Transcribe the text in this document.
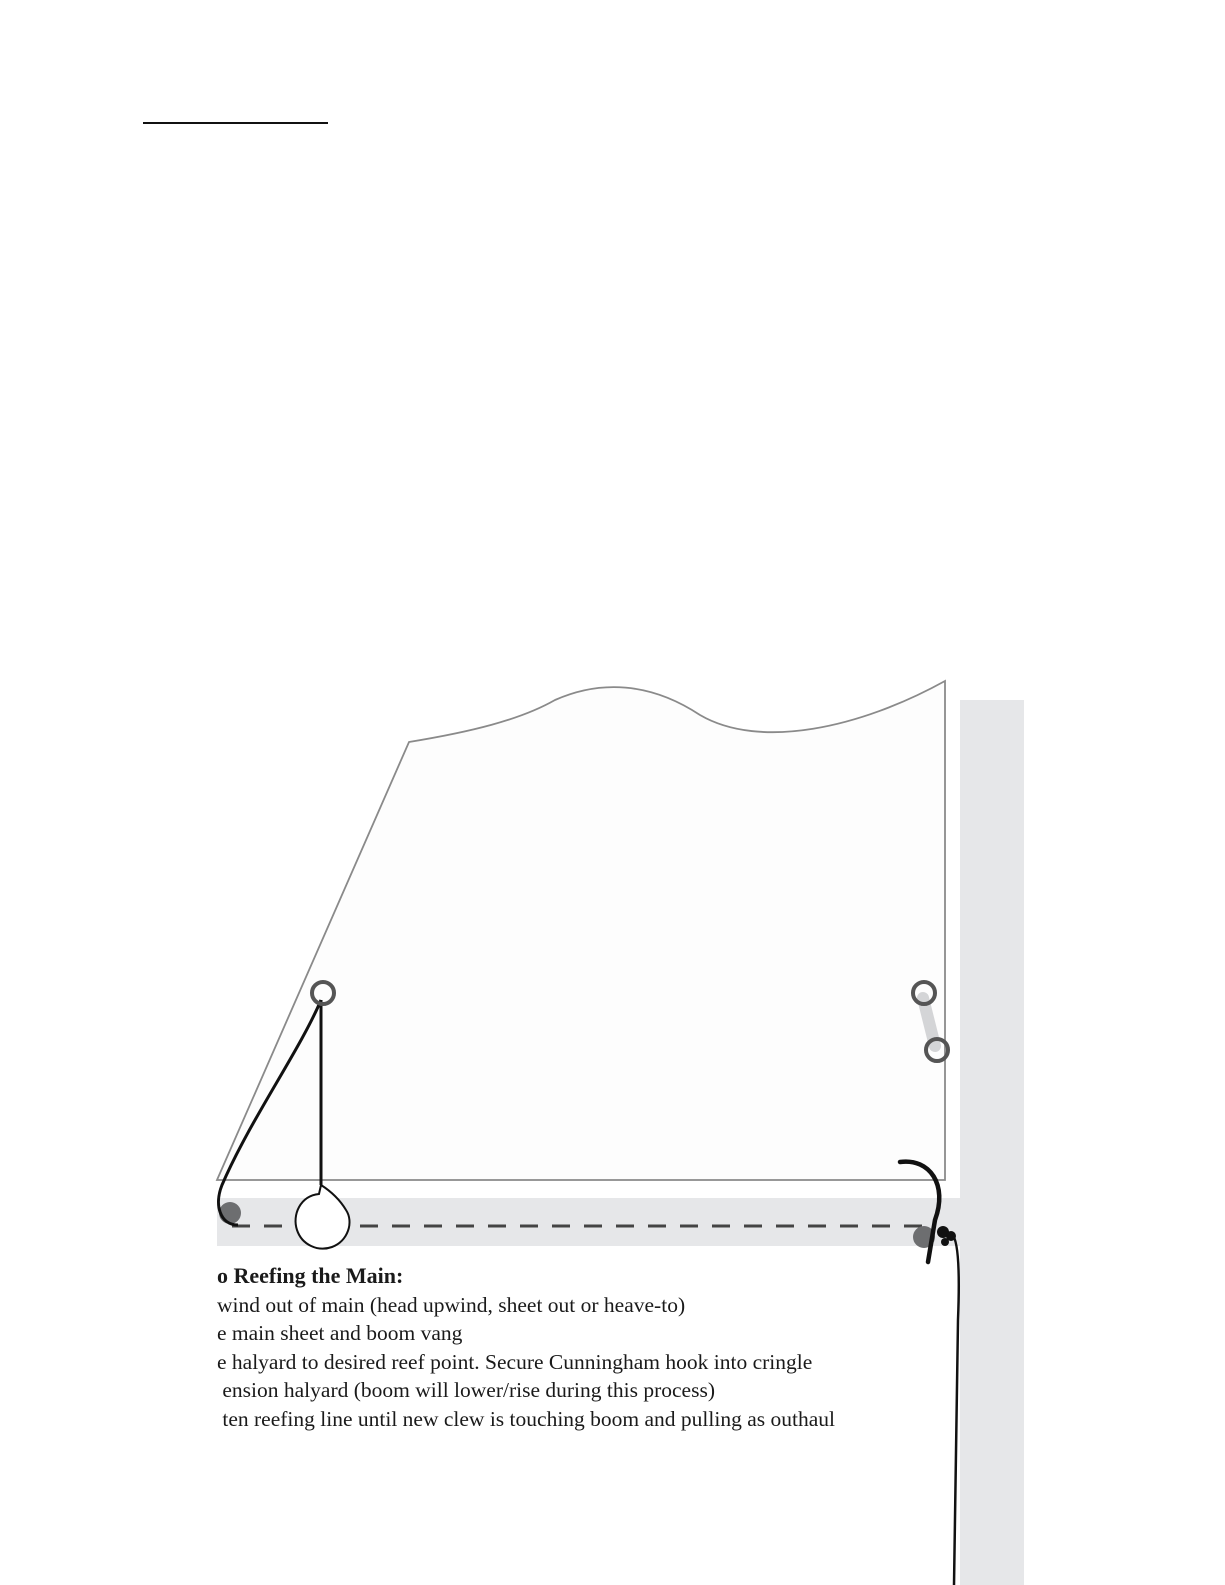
o Reefing the Main:
wind out of main (head upwind, sheet out or heave-to)
e main sheet and boom vang
e halyard to desired reef point. Secure Cunningham hook into cringle
ension halyard (boom will lower/rise during this process)
ten reefing line until new clew is touching boom and pulling as outhaul
